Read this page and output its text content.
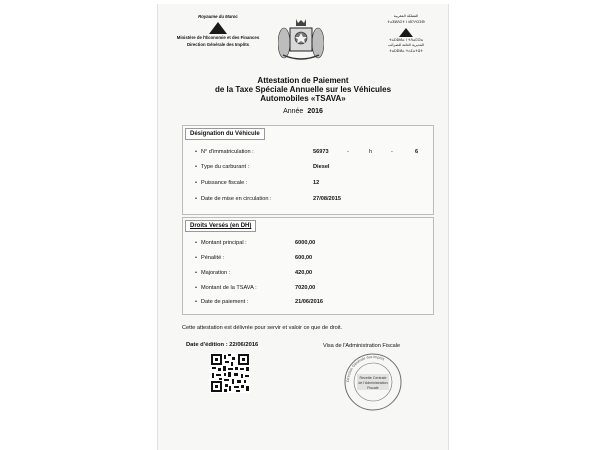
Royaume du Maroc
Ministère de l'Économie et des Finances
Direction Générale des Impôts
المملكة المغربية
ⵜⴰⴳⵍⴷⵉⵜ ⵏ ⵍⵎⵖⵔⵉⴱ
ⵜⴰⵎⵀⵍⴰ ⵏ ⵜⴷⴰⵎⵙⴰ
المديرية العامة للضرائب
ⵜⴰⵎⵀⵍⴰ ⵜⴰⵎⴰⵜⵓⵜ
Attestation de Paiement
de la Taxe Spéciale Annuelle sur les Véhicules
Automobiles «TSAVA»
Année 2016
Désignation du Véhicule
• N° d'immatriculation :	56973	-	h	-	6
• Type du carburant :	Diesel
• Puissance fiscale :	12
• Date de mise en circulation :	27/08/2015
Droits Versés (en DH)
• Montant principal :	6000,00
• Pénalité :	600,00
• Majoration :	420,00
• Montant de la TSAVA :	7020,00
• Date de paiement :	21/06/2016
Cette attestation est délivrée pour servir et valoir ce que de droit.
Date d'édition : 22/06/2016	Visa de l'Administration Fiscale
Direction Générale des Impôts
Recette Centrale
de l'Administration
Fiscale
